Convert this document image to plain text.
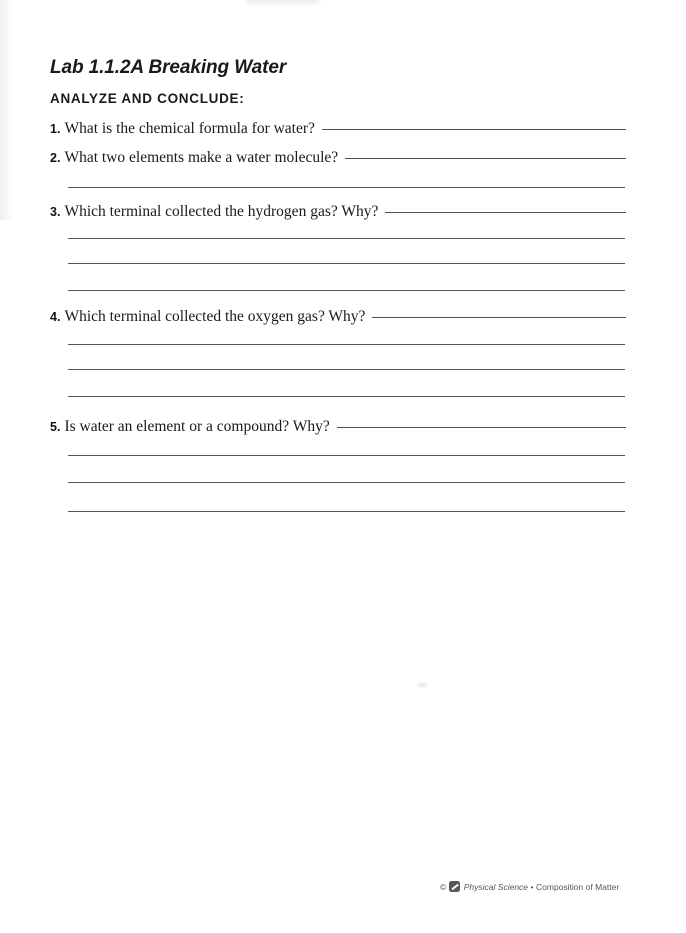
Lab 1.1.2A Breaking Water
ANALYZE AND CONCLUDE:
1. What is the chemical formula for water?
2. What two elements make a water molecule?
3. Which terminal collected the hydrogen gas? Why?
4. Which terminal collected the oxygen gas? Why?
5. Is water an element or a compound? Why?
© Physical Science • Composition of Matter
